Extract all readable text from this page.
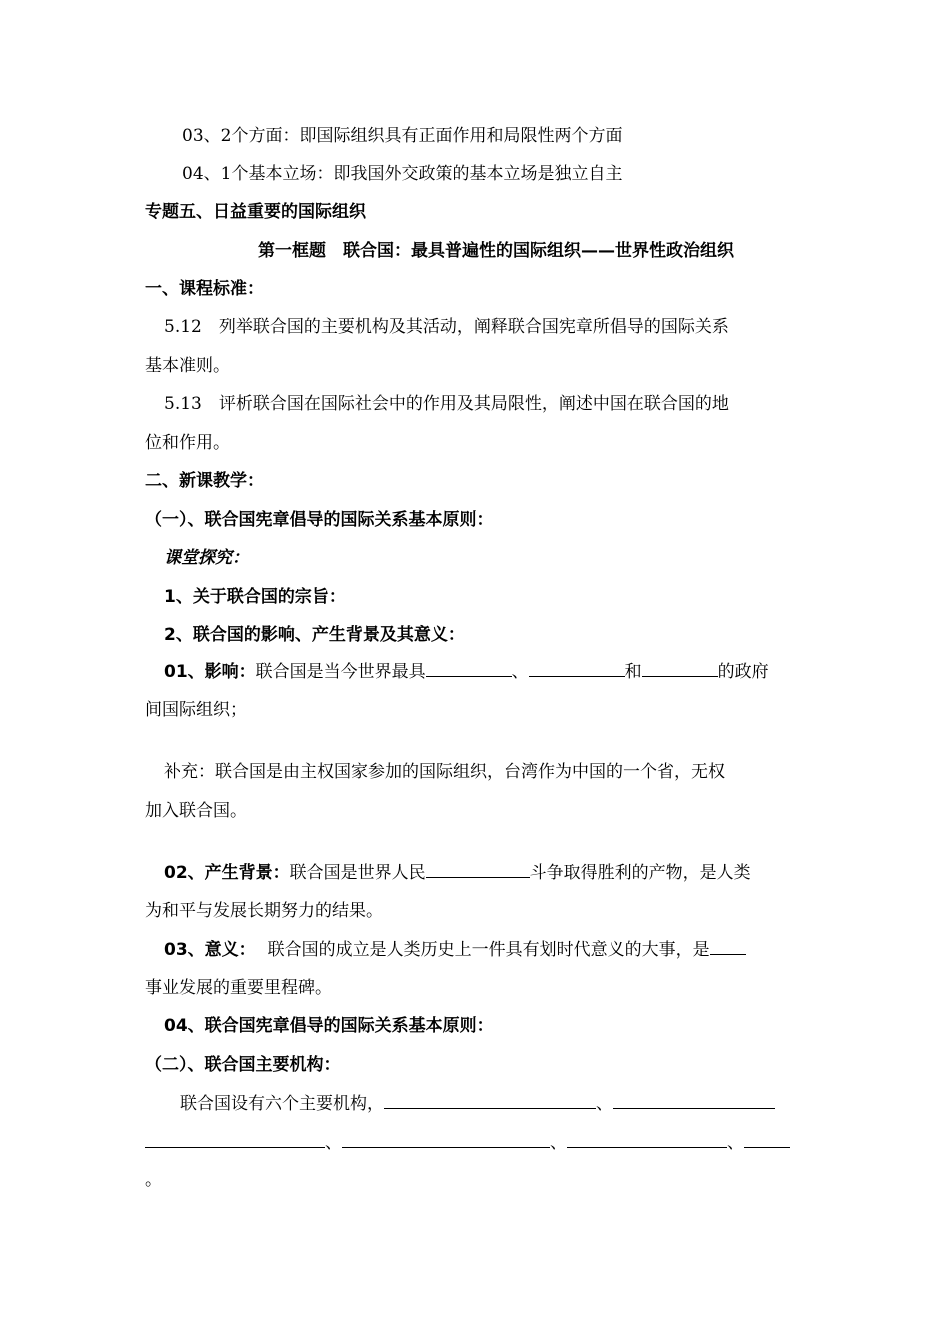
03、2个方面：即国际组织具有正面作用和局限性两个方面
04、1个基本立场：即我国外交政策的基本立场是独立自主
专题五、日益重要的国际组织
第一框题　联合国：最具普遍性的国际组织——世界性政治组织
一、课程标准：
5.12　列举联合国的主要机构及其活动，阐释联合国宪章所倡导的国际关系
基本准则。
5.13　评析联合国在国际社会中的作用及其局限性，阐述中国在联合国的地
位和作用。
二、新课教学：
（一）、联合国宪章倡导的国际关系基本原则：
课堂探究：
1、关于联合国的宗旨：
2、联合国的影响、产生背景及其意义：
01、影响：联合国是当今世界最具	、	和	的政府
间国际组织；
补充：联合国是由主权国家参加的国际组织，台湾作为中国的一个省，无权
加入联合国。
02、产生背景：联合国是世界人民	斗争取得胜利的产物，是人类
为和平与发展长期努力的结果。
03、意义： 联合国的成立是人类历史上一件具有划时代意义的大事，是
事业发展的重要里程碑。
04、联合国宪章倡导的国际关系基本原则：
（二）、联合国主要机构：
联合国设有六个主要机构，	、
、	、	、
。
